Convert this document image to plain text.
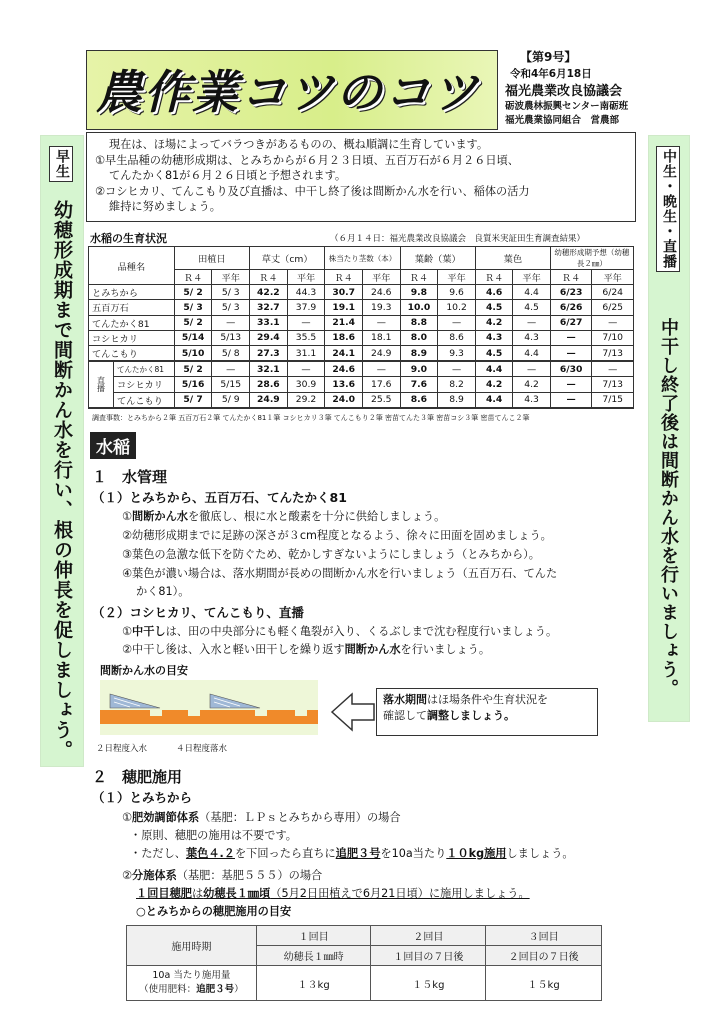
農作業コツのコツ
【第9号】
令和4年6月18日
福光農業改良協議会
砺波農林振興センター南砺班
福光農業協同組合　営農部
早生
幼穂形成期まで間断かん水を行い、根の伸長を促しましょう。	中生・晩生・直播
中干し終了後は間断かん水を行いましょう。

現在は、ほ場によってバラつきがあるものの、概ね順調に生育しています。

①早生品種の幼穂形成期は、とみちからが６月２３日頃、五百万石が６月２６日頃、

てんたかく81が６月２６日頃と予想されます。

②コシヒカリ、てんこもり及び直播は、中干し終了後は間断かん水を行い、稲体の活力

維持に努めましょう。

水稲の生育状況	（６月１４日：福光農業改良協議会　良質米実証田生育調査結果）
品種名		田植日		草丈（cm）		株当たり茎数（本）		葉齢（葉）		葉色		幼穂形成期予想（幼穂長２㎜）	
		Ｒ４	平年	Ｒ４	平年	Ｒ４	平年	Ｒ４	平年	Ｒ４	平年	Ｒ４	平年
とみちから		5/ 2	5/ 3	42.2	44.3	30.7	24.6	9.8	9.6	4.6	4.4	6/23	6/24
五百万石		5/ 3	5/ 3	32.7	37.9	19.1	19.3	10.0	10.2	4.5	4.5	6/26	6/25
てんたかく81		5/ 2	—	33.1	—	21.4	—	8.8	—	4.2	—	6/27	—
コシヒカリ		5/14	5/13	29.4	35.5	18.6	18.1	8.0	8.6	4.3	4.3	—	7/10
てんこもり		5/10	5/ 8	27.3	31.1	24.1	24.9	8.9	9.3	4.5	4.4	—	7/13
直播	てんたかく81	5/ 2	—	32.1	—	24.6	—	9.0	—	4.4	—	6/30	—
	コシヒカリ	5/16	5/15	28.6	30.9	13.6	17.6	7.6	8.2	4.2	4.2	—	7/13
	てんこもり	5/ 7	5/ 9	24.9	29.2	24.0	25.5	8.6	8.9	4.4	4.3	—	7/15
調査事数：とみちから２筆 五百万石２筆 てんたかく81１筆 コシヒカリ３筆 てんこもり２筆 密苗てんた３筆 密苗コシ３筆 密苗てんこ２筆
水稲
１　水管理
（１）とみちから、五百万石、てんたかく81
①間断かん水を徹底し、根に水と酸素を十分に供給しましょう。
②幼穂形成期までに足跡の深さが３cm程度となるよう、徐々に田面を固めましょう。
③葉色の急激な低下を防ぐため、乾かしすぎないようにしましょう（とみちから）。
④葉色が濃い場合は、落水期間が長めの間断かん水を行いましょう（五百万石、てんた
かく81）。
（２）コシヒカリ、てんこもり、直播
①中干しは、田の中央部分にも軽く亀裂が入り、くるぶしまで沈む程度行いましょう。
②中干し後は、入水と軽い田干しを繰り返す間断かん水を行いましょう。
間断かん水の目安
２日程度入水	４日程度落水
落水期間はほ場条件や生育状況を
確認して調整しましょう。
２　穂肥施用
（１）とみちから
①肥効調節体系（基肥：ＬＰｓとみちから専用）の場合
・原則、穂肥の施用は不要です。
・ただし、葉色４.２を下回ったら直ちに追肥３号を10a当たり１０kg施用しましょう。
②分施体系（基肥：基肥５５５）の場合
１回目穂肥は幼穂長１㎜頃（5月2日田植えで6月21日頃）に施用しましょう。
○とみちからの穂肥施用の目安
施用時期	１回目	２回目	３回目
	幼穂長１㎜時	１回目の７日後	２回目の７日後
10a 当たり施用量
（使用肥料：追肥３号）	１３kg	１５kg	１５kg
